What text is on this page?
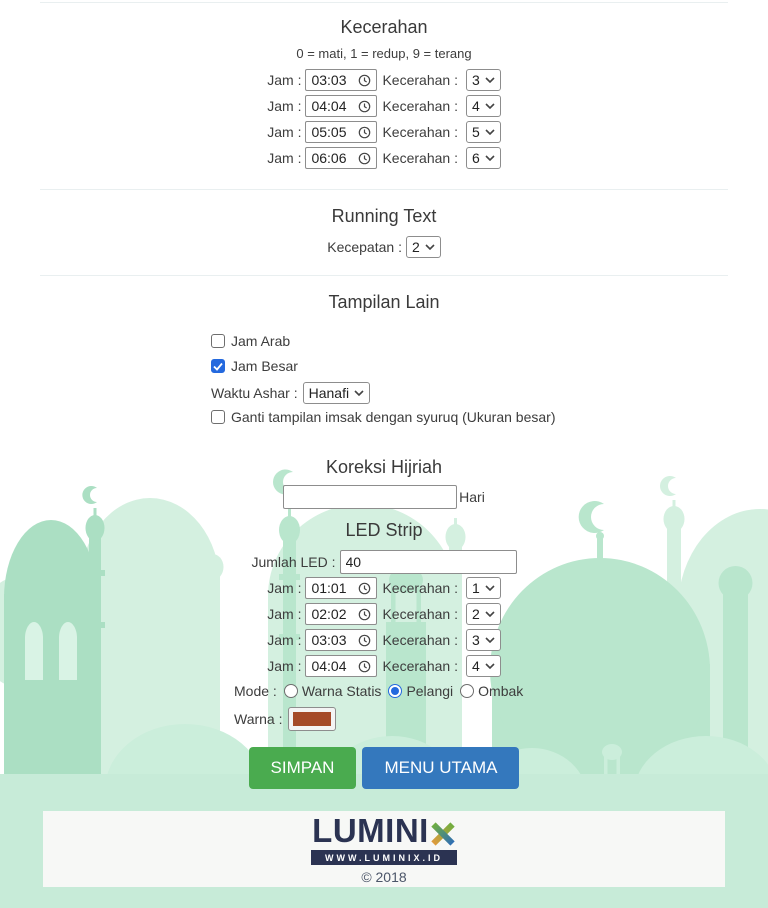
Kecerahan
0 = mati, 1 = redup, 9 = terang
Jam : 03:03	Kecerahan : 3
Jam : 04:04	Kecerahan : 4
Jam : 05:05	Kecerahan : 5
Jam : 06:06	Kecerahan : 6
Running Text
Kecepatan : 2
Tampilan Lain
Jam Arab
Jam Besar
Waktu Ashar : Hanafi
Ganti tampilan imsak dengan syuruq (Ukuran besar)
Koreksi Hijriah
Hari
LED Strip
Jumlah LED :
40
Jam : 01:01	Kecerahan : 1
Jam : 02:02	Kecerahan : 2
Jam : 03:03	Kecerahan : 3
Jam : 04:04	Kecerahan : 4
Mode : Warna Statis Pelangi Ombak
Warna :
SIMPAN	MENU UTAMA
LUMINI
WWW.LUMINIX.ID
© 2018
